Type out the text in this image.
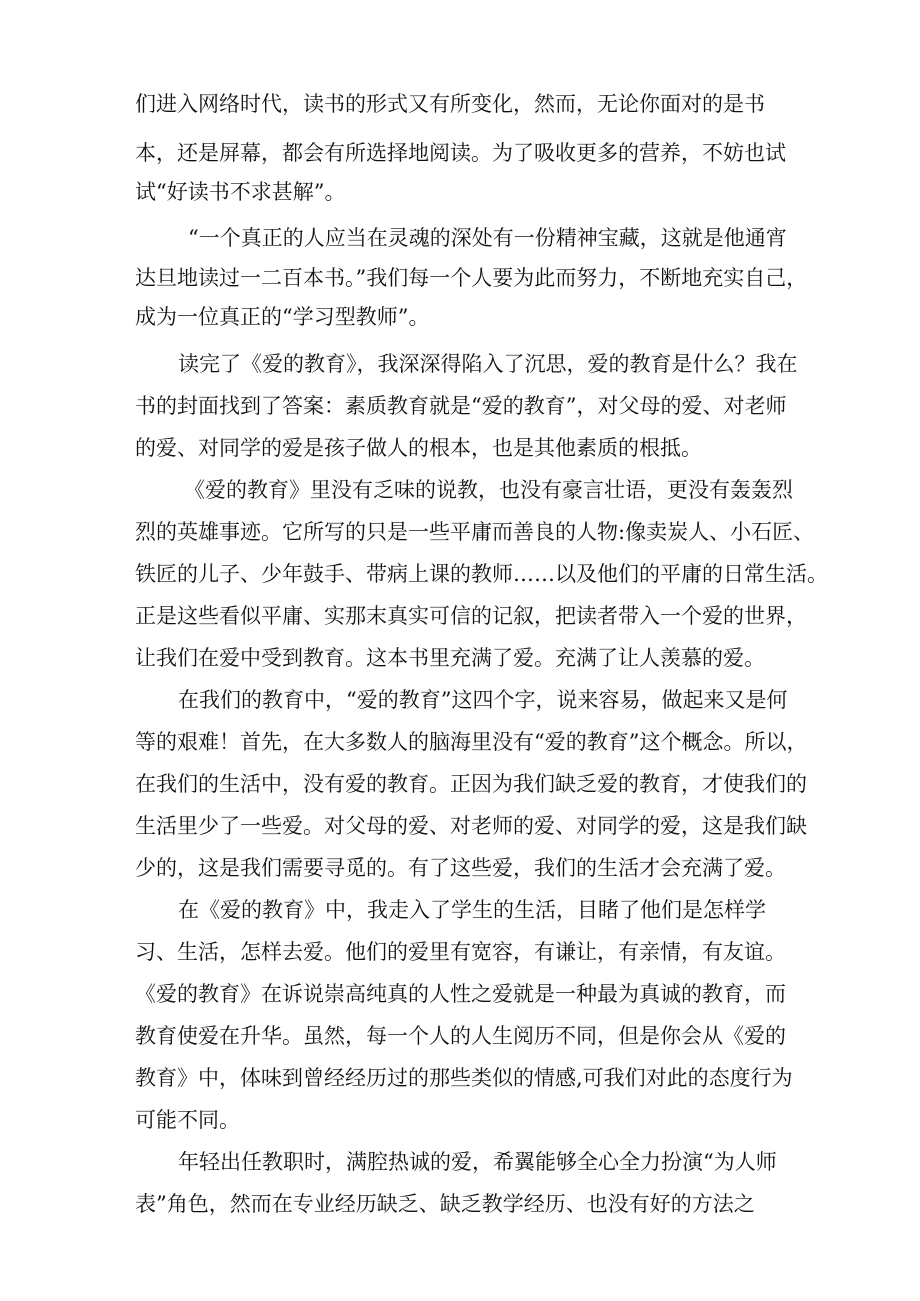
们进入网络时代，读书的形式又有所变化，然而，无论你面对的是书
本，还是屏幕，都会有所选择地阅读。为了吸收更多的营养，不妨也试
试“好读书不求甚解”。
“一个真正的人应当在灵魂的深处有一份精神宝藏，这就是他通宵
达旦地读过一二百本书。”我们每一个人要为此而努力，不断地充实自己，
成为一位真正的“学习型教师”。
读完了《爱的教育》，我深深得陷入了沉思，爱的教育是什么？我在
书的封面找到了答案：素质教育就是“爱的教育”，对父母的爱、对老师
的爱、对同学的爱是孩子做人的根本，也是其他素质的根抵。
《爱的教育》里没有乏味的说教，也没有豪言壮语，更没有轰轰烈
烈的英雄事迹。它所写的只是一些平庸而善良的人物:像卖炭人、小石匠、
铁匠的儿子、少年鼓手、带病上课的教师……以及他们的平庸的日常生活。
正是这些看似平庸、实那末真实可信的记叙，把读者带入一个爱的世界，
让我们在爱中受到教育。这本书里充满了爱。充满了让人羡慕的爱。
在我们的教育中，“爱的教育”这四个字，说来容易，做起来又是何
等的艰难！首先，在大多数人的脑海里没有“爱的教育”这个概念。所以，
在我们的生活中，没有爱的教育。正因为我们缺乏爱的教育，才使我们的
生活里少了一些爱。对父母的爱、对老师的爱、对同学的爱，这是我们缺
少的，这是我们需要寻觅的。有了这些爱，我们的生活才会充满了爱。
在《爱的教育》中，我走入了学生的生活，目睹了他们是怎样学
习、生活，怎样去爱。他们的爱里有宽容，有谦让，有亲情，有友谊。
《爱的教育》在诉说崇高纯真的人性之爱就是一种最为真诚的教育，而
教育使爱在升华。虽然，每一个人的人生阅历不同，但是你会从《爱的
教育》中，体味到曾经经历过的那些类似的情感,可我们对此的态度行为
可能不同。
年轻出任教职时，满腔热诚的爱，希翼能够全心全力扮演“为人师
表”角色，然而在专业经历缺乏、缺乏教学经历、也没有好的方法之
